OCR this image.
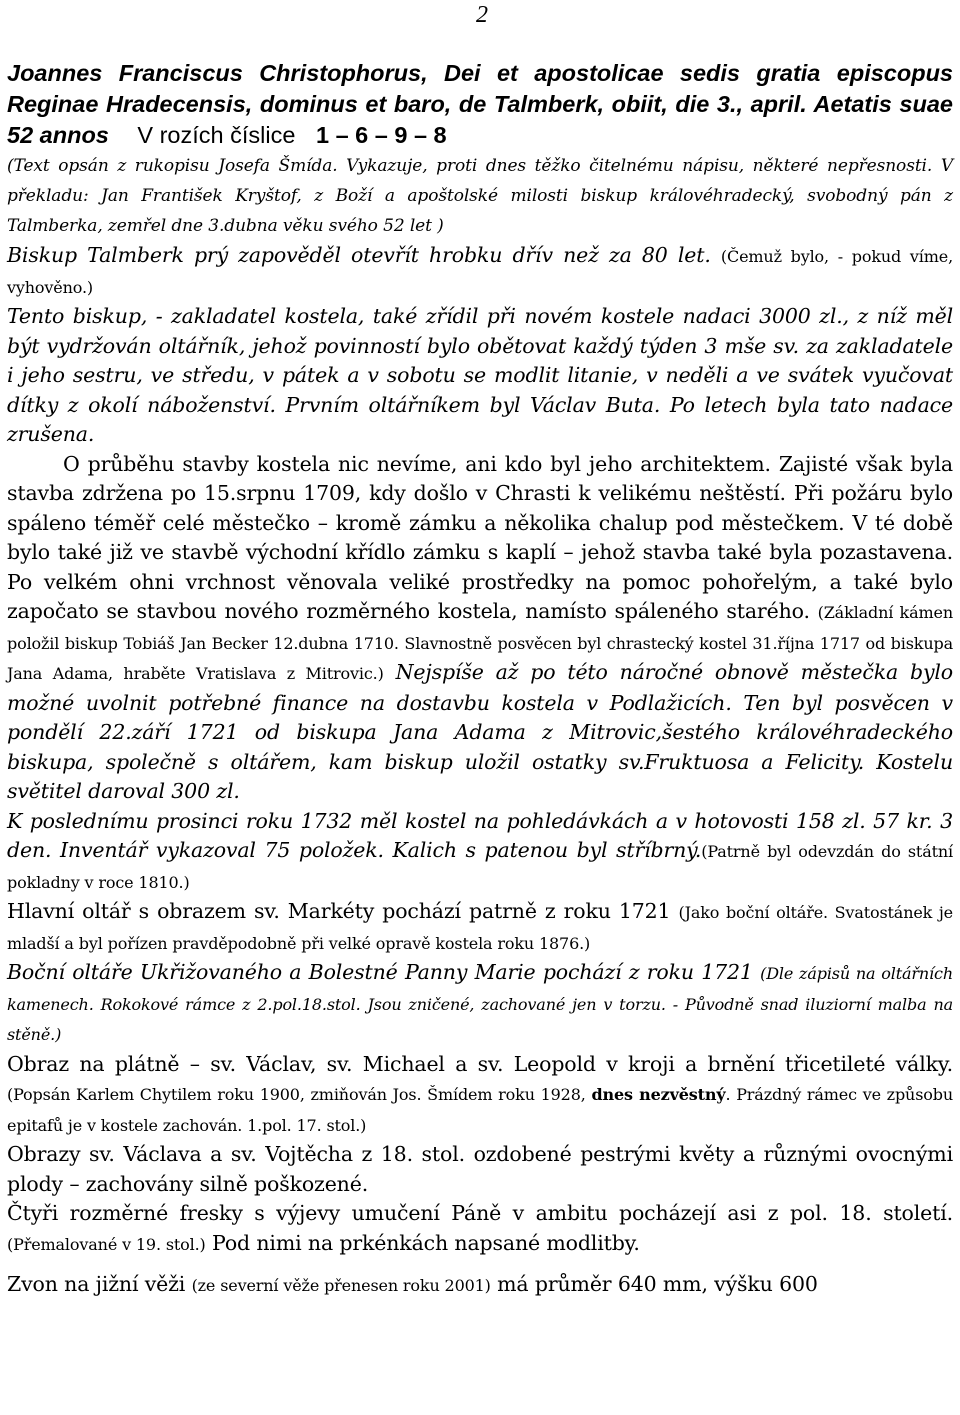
2

Joannes Franciscus Christophorus, Dei et apostolicae sedis gratia episcopus Reginae Hradecensis, dominus et baro, de Talmberk, obiit, die 3., april. Aetatis suae 52 annos V rozích číslice 1 – 6 – 9 – 8

(Text opsán z rukopisu Josefa Šmída. Vykazuje, proti dnes těžko čitelnému nápisu, některé nepřesnosti. V překladu: Jan František Kryštof, z Boží a apoštolské milosti biskup královéhradecký, svobodný pán z Talmberka, zemřel dne 3.dubna věku svého 52 let )

Biskup Talmberk prý zapověděl otevřít hrobku dřív než za 80 let. (Čemuž bylo, - pokud víme, vyhověno.)

Tento biskup, - zakladatel kostela, také zřídil při novém kostele nadaci 3000 zl., z níž měl být vydržován oltářník, jehož povinností bylo obětovat každý týden 3 mše sv. za zakladatele i jeho sestru, ve středu, v pátek a v sobotu se modlit litanie, v neděli a ve svátek vyučovat dítky z okolí náboženství. Prvním oltářníkem byl Václav Buta. Po letech byla tato nadace zrušena.

O průběhu stavby kostela nic nevíme, ani kdo byl jeho architektem. Zajisté však byla stavba zdržena po 15.srpnu 1709, kdy došlo v Chrasti k velikému neštěstí. Při požáru bylo spáleno téměř celé městečko – kromě zámku a několika chalup pod městečkem. V té době bylo také již ve stavbě východní křídlo zámku s kaplí – jehož stavba také byla pozastavena. Po velkém ohni vrchnost věnovala veliké prostředky na pomoc pohořelým, a také bylo započato se stavbou nového rozměrného kostela, namísto spáleného starého. (Základní kámen položil biskup Tobiáš Jan Becker 12.dubna 1710. Slavnostně posvěcen byl chrastecký kostel 31.října 1717 od biskupa Jana Adama, hraběte Vratislava z Mitrovic.) Nejspíše až po této náročné obnově městečka bylo možné uvolnit potřebné finance na dostavbu kostela v Podlažicích. Ten byl posvěcen v pondělí 22.září 1721 od biskupa Jana Adama z Mitrovic,šestého královéhradeckého biskupa, společně s oltářem, kam biskup uložil ostatky sv.Fruktuosa a Felicity. Kostelu světitel daroval 300 zl.

K poslednímu prosinci roku 1732 měl kostel na pohledávkách a v hotovosti 158 zl. 57 kr. 3 den. Inventář vykazoval 75 položek. Kalich s patenou byl stříbrný.(Patrně byl odevzdán do státní pokladny v roce 1810.)

Hlavní oltář s obrazem sv. Markéty pochází patrně z roku 1721 (Jako boční oltáře. Svatostánek je mladší a byl pořízen pravděpodobně při velké opravě kostela roku 1876.)

Boční oltáře Ukřižovaného a Bolestné Panny Marie pochází z roku 1721 (Dle zápisů na oltářních kamenech. Rokokové rámce z 2.pol.18.stol. Jsou zničené, zachované jen v torzu. - Původně snad iluziorní malba na stěně.)

Obraz na plátně – sv. Václav, sv. Michael a sv. Leopold v kroji a brnění třicetileté války. (Popsán Karlem Chytilem roku 1900, zmiňován Jos. Šmídem roku 1928, dnes nezvěstný. Prázdný rámec ve způsobu epitafů je v kostele zachován. 1.pol. 17. stol.)

Obrazy sv. Václava a sv. Vojtěcha z 18. stol. ozdobené pestrými květy a různými ovocnými plody – zachovány silně poškozené.

Čtyři rozměrné fresky s výjevy umučení Páně v ambitu pocházejí asi z pol. 18. století. (Přemalované v 19. stol.) Pod nimi na prkénkách napsané modlitby.

Zvon na jižní věži (ze severní věže přenesen roku 2001) má průměr 640 mm, výšku 600
